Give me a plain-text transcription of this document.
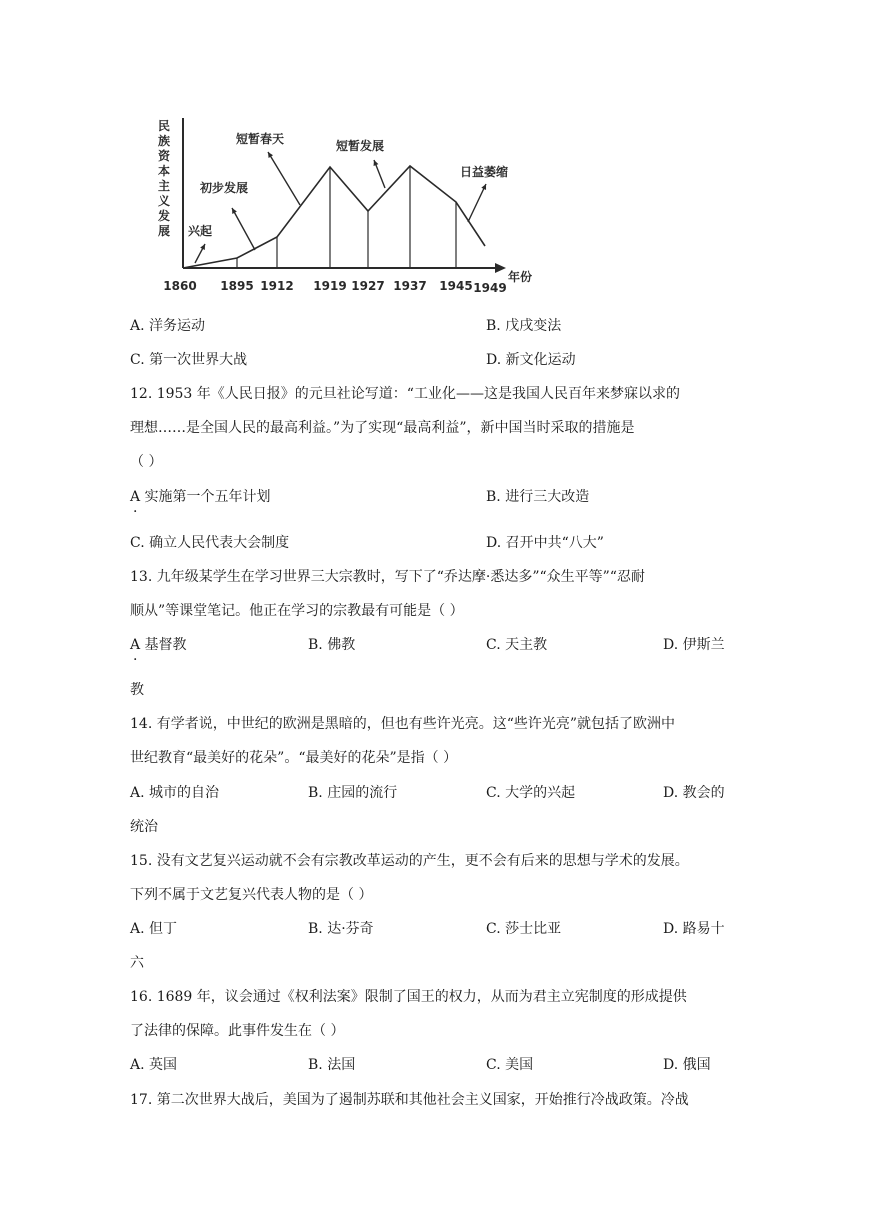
民
族
资
本
主
义
发
展
年份
1860 1895 1912 1919 1927 1937 1945 1949
兴起
初步发展
短暂春天	短暂发展
日益萎缩
A. 洋务运动	B. 戊戌变法
C. 第一次世界大战	D. 新文化运动
12. 1953 年《人民日报》的元旦社论写道：“工业化——这是我国人民百年来梦寐以求的
理想……是全国人民的最高利益。”为了实现“最高利益”，新中国当时采取的措施是
（ ）
A 实施第一个五年计划
·
B. 进行三大改造
C. 确立人民代表大会制度	D. 召开中共“八大”
13. 九年级某学生在学习世界三大宗教时，写下了“乔达摩·悉达多”“众生平等”“忍耐
顺从”等课堂笔记。他正在学习的宗教最有可能是（ ）
A 基督教
·
B. 佛教	C. 天主教	D. 伊斯兰
教
14. 有学者说，中世纪的欧洲是黑暗的，但也有些许光亮。这“些许光亮”就包括了欧洲中
世纪教育“最美好的花朵”。“最美好的花朵”是指（ ）
A. 城市的自治	B. 庄园的流行	C. 大学的兴起	D. 教会的
统治
15. 没有文艺复兴运动就不会有宗教改革运动的产生，更不会有后来的思想与学术的发展。
下列不属于文艺复兴代表人物的是（ ）
A. 但丁	B. 达·芬奇	C. 莎士比亚	D. 路易十
六
16. 1689 年，议会通过《权利法案》限制了国王的权力，从而为君主立宪制度的形成提供
了法律的保障。此事件发生在（ ）
A. 英国	B. 法国	C. 美国	D. 俄国
17. 第二次世界大战后，美国为了遏制苏联和其他社会主义国家，开始推行冷战政策。冷战
